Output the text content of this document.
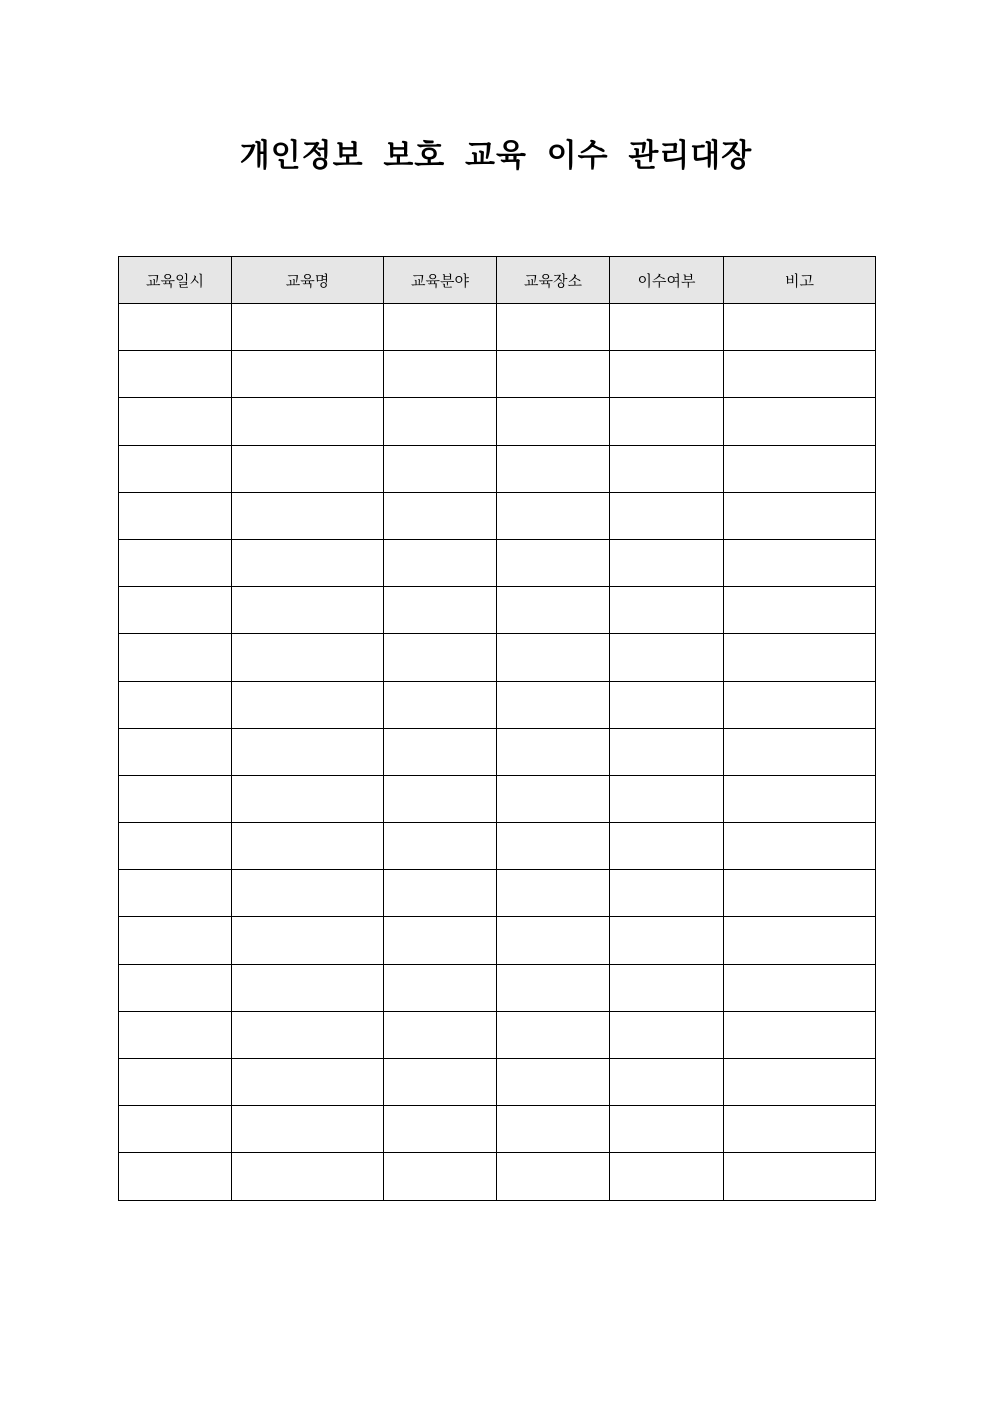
개인정보 보호 교육 이수 관리대장
교육일시	교육명	교육분야	교육장소	이수여부	비고
